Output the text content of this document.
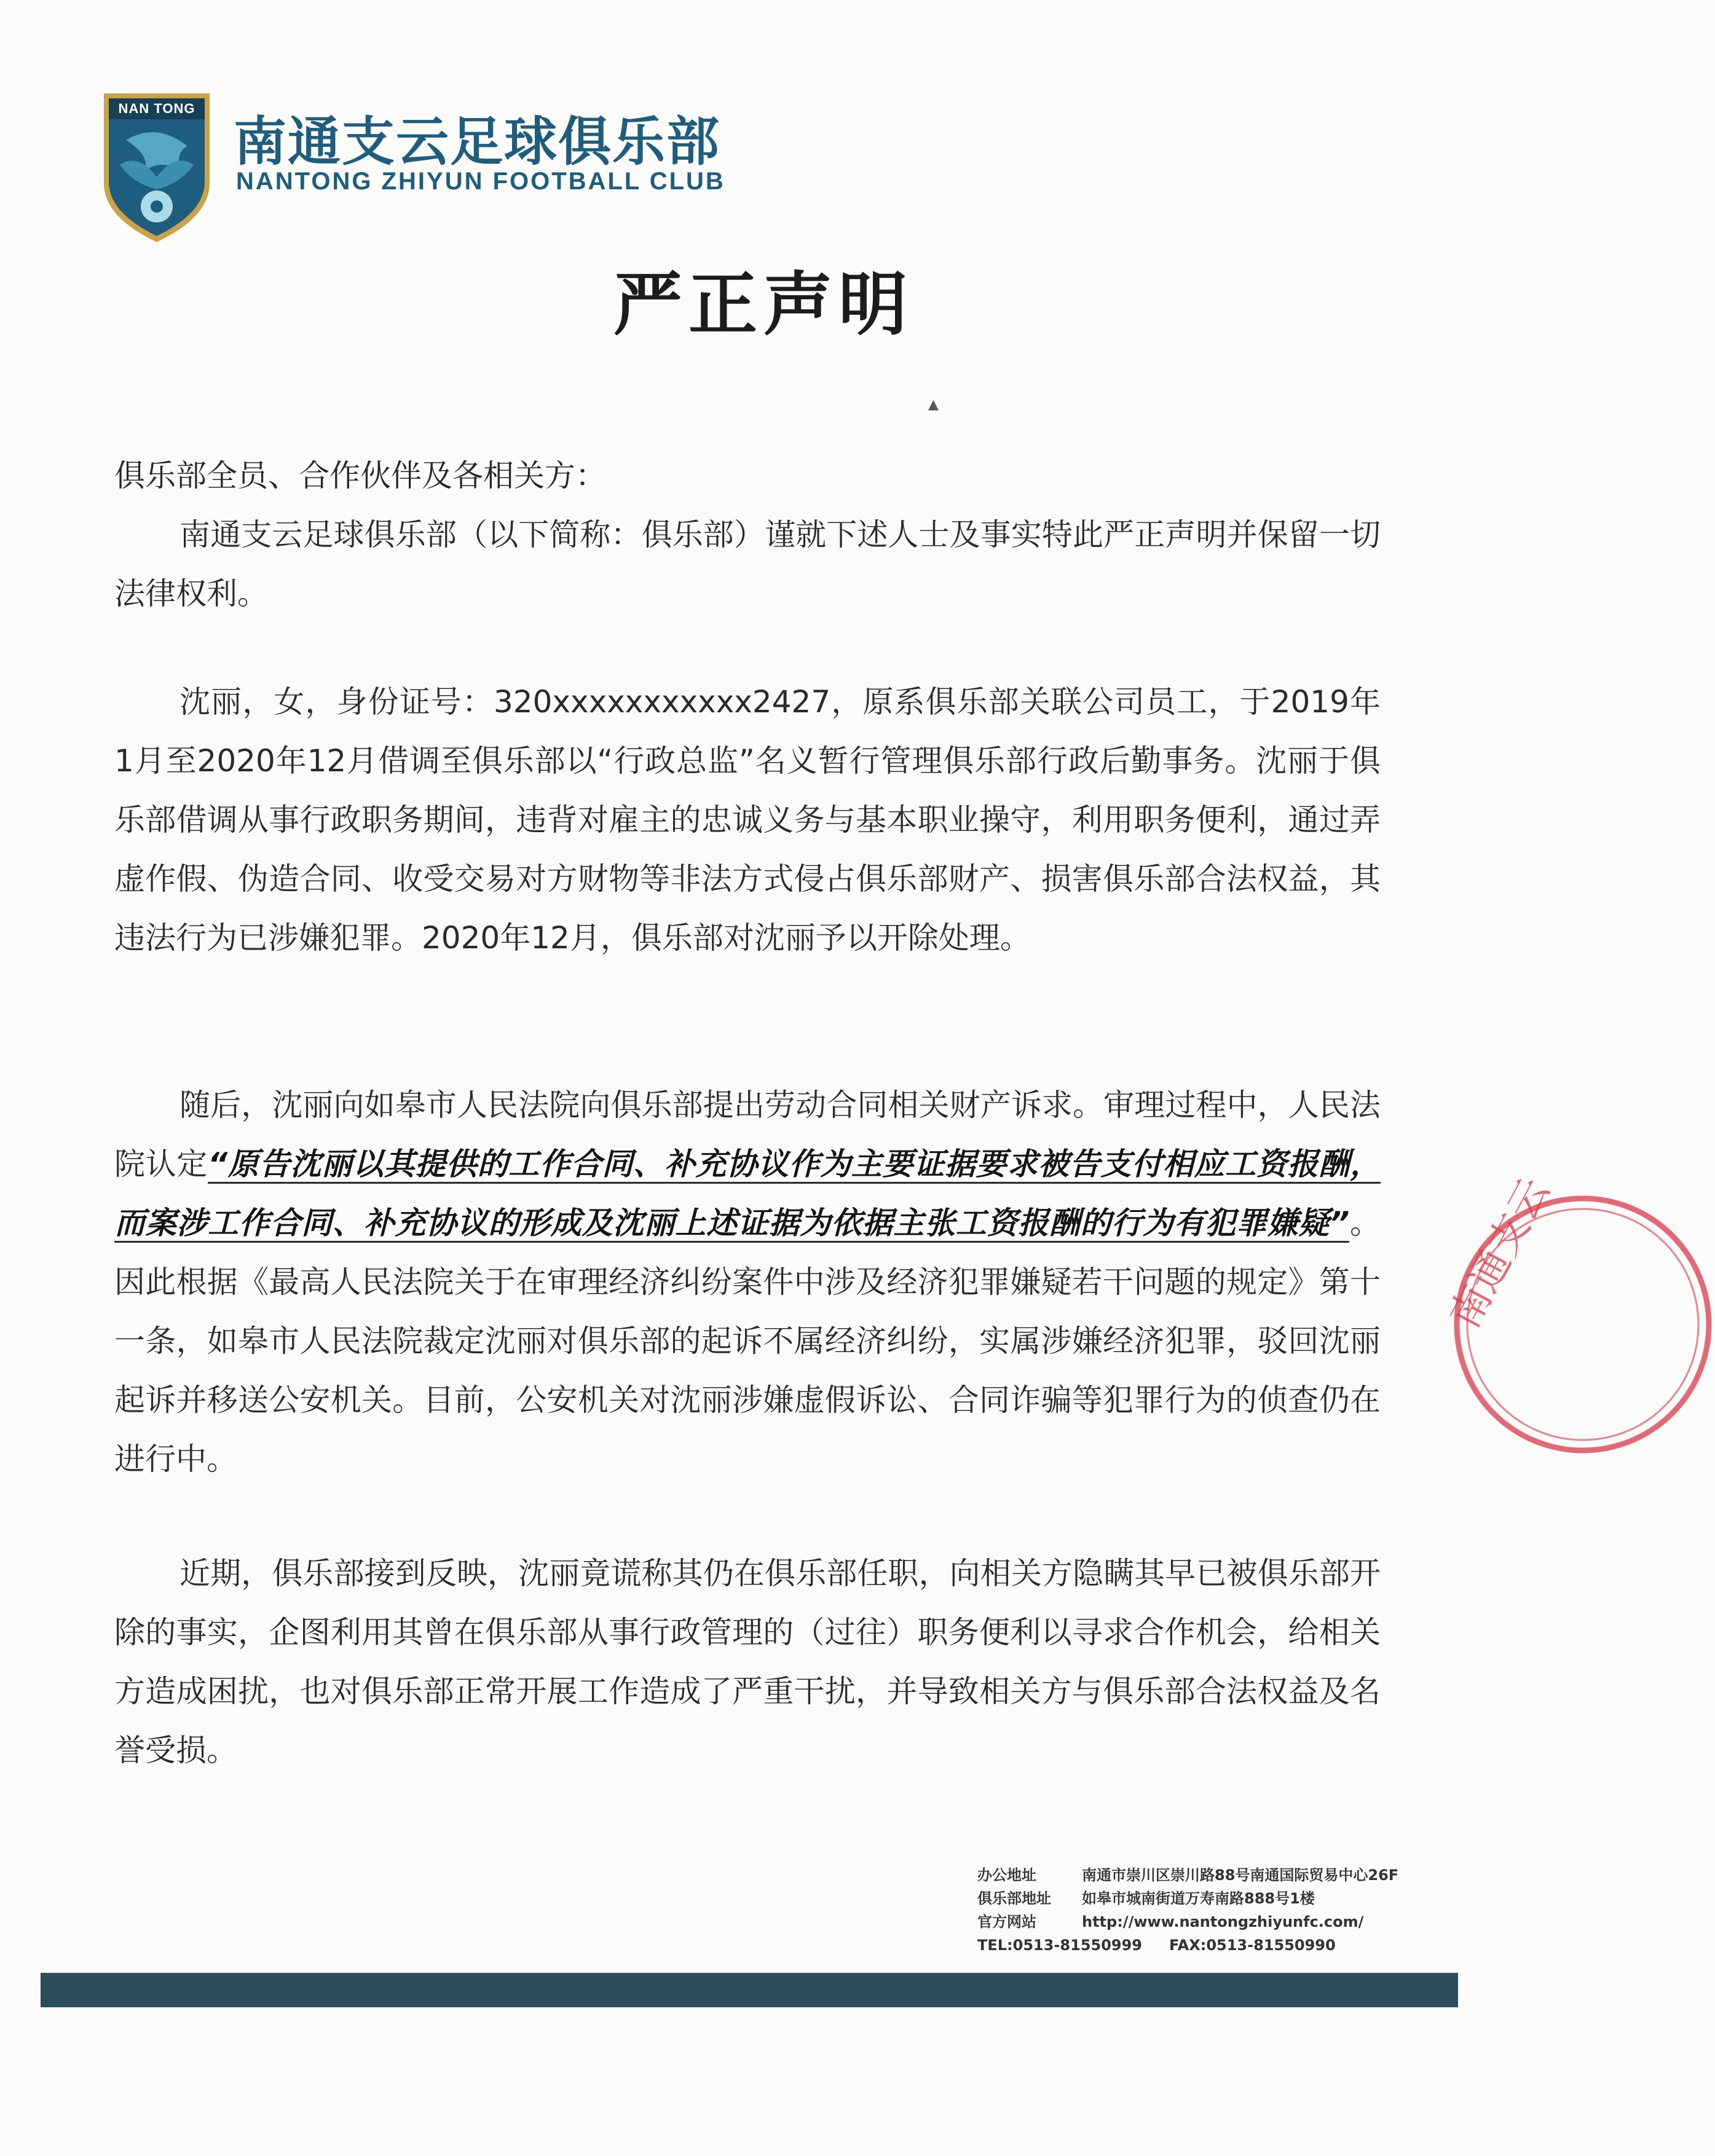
NAN TONG
南通支云足球俱乐部
NANTONG ZHIYUN FOOTBALL CLUB
严正声明
▲
俱乐部全员、合作伙伴及各相关方：

南通支云足球俱乐部（以下简称：俱乐部）谨就下述人士及事实特此严正声明并保留一切法律权利。

沈丽，女，身份证号：320xxxxxxxxxxx2427，原系俱乐部关联公司员工，于2019年1月至2020年12月借调至俱乐部以“行政总监”名义暂行管理俱乐部行政后勤事务。沈丽于俱乐部借调从事行政职务期间，违背对雇主的忠诚义务与基本职业操守，利用职务便利，通过弄虚作假、伪造合同、收受交易对方财物等非法方式侵占俱乐部财产、损害俱乐部合法权益，其违法行为已涉嫌犯罪。2020年12月，俱乐部对沈丽予以开除处理。

随后，沈丽向如皋市人民法院向俱乐部提出劳动合同相关财产诉求。审理过程中，人民法院认定“原告沈丽以其提供的工作合同、补充协议作为主要证据要求被告支付相应工资报酬，而案涉工作合同、补充协议的形成及沈丽上述证据为依据主张工资报酬的行为有犯罪嫌疑”。因此根据《最高人民法院关于在审理经济纠纷案件中涉及经济犯罪嫌疑若干问题的规定》第十一条，如皋市人民法院裁定沈丽对俱乐部的起诉不属经济纠纷，实属涉嫌经济犯罪，驳回沈丽起诉并移送公安机关。目前，公安机关对沈丽涉嫌虚假诉讼、合同诈骗等犯罪行为的侦查仍在进行中。

近期，俱乐部接到反映，沈丽竟谎称其仍在俱乐部任职，向相关方隐瞒其早已被俱乐部开除的事实，企图利用其曾在俱乐部从事行政管理的（过往）职务便利以寻求合作机会，给相关方造成困扰，也对俱乐部正常开展工作造成了严重干扰，并导致相关方与俱乐部合法权益及名誉受损。

办公地址	南通市崇川区崇川路88号南通国际贸易中心26F
俱乐部地址 如皋市城南街道万寿南路888号1楼
官方网站	http://www.nantongzhiyunfc.com/
TEL:0513-81550999 FAX:0513-81550990
南通支云
